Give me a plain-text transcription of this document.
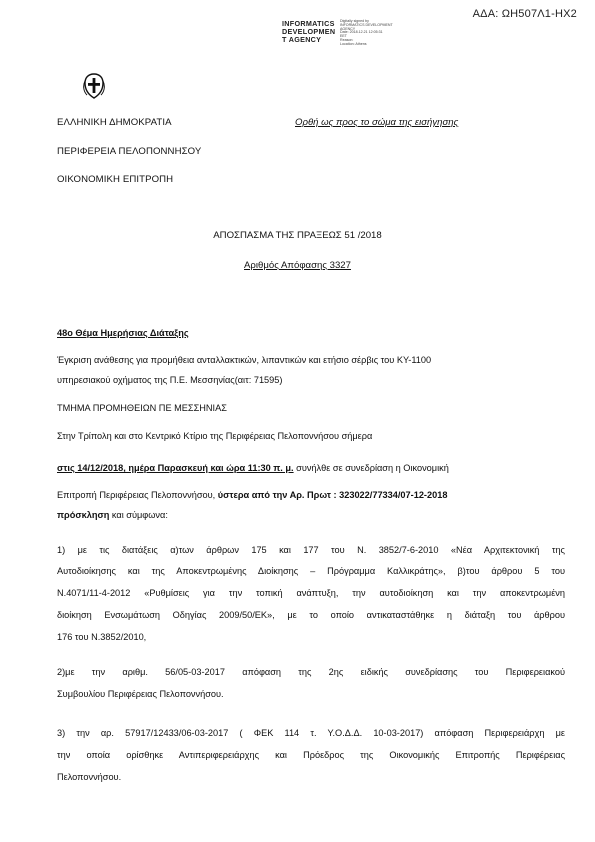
ΑΔΑ: ΩΗ507Λ1-ΗΧ2
INFORMATICS
DEVELOPMEN
T AGENCY
Digitally signed by
INFORMATICS DEVELOPMENT AGENCY
Date: 2018.12.21 12:05:31
EET
Reason:
Location: Athens
ΕΛΛΗΝΙΚΗ ΔΗΜΟΚΡΑΤΙΑ	Ορθή ως προς το σώμα της εισήγησης
ΠΕΡΙΦΕΡΕΙΑ ΠΕΛΟΠΟΝΝΗΣΟΥ
ΟΙΚΟΝΟΜΙΚΗ ΕΠΙΤΡΟΠΗ
ΑΠΟΣΠΑΣΜΑ ΤΗΣ ΠΡΑΞΕΩΣ 51 /2018
Αριθμός Απόφασης 3327
48ο Θέμα Ημερήσιας Διάταξης
Έγκριση ανάθεσης για προμήθεια ανταλλακτικών, λιπαντικών και ετήσιο σέρβις του ΚΥ-1100
υπηρεσιακού οχήματος της Π.Ε. Μεσσηνίας(αιτ: 71595)
ΤΜΗΜΑ ΠΡΟΜΗΘΕΙΩΝ ΠΕ ΜΕΣΣΗΝΙΑΣ
Στην Τρίπολη και στο Κεντρικό Κτίριο της Περιφέρειας Πελοποννήσου σήμερα
στις 14/12/2018, ημέρα Παρασκευή και ώρα 11:30 π. μ. συνήλθε σε συνεδρίαση η Οικονομική
Επιτροπή Περιφέρειας Πελοποννήσου, ύστερα από την Αρ. Πρωτ : 323022/77334/07-12-2018
πρόσκληση και σύμφωνα:
1) με τις διατάξεις α)των άρθρων 175 και 177 του Ν. 3852/7-6-2010 «Νέα Αρχιτεκτονική της
Αυτοδιοίκησης και της Αποκεντρωμένης Διοίκησης – Πρόγραμμα Καλλικράτης», β)του άρθρου 5 του
Ν.4071/11-4-2012 «Ρυθμίσεις για την τοπική ανάπτυξη, την αυτοδιοίκηση και την αποκεντρωμένη
διοίκηση Ενσωμάτωση Οδηγίας 2009/50/ΕΚ», με το οποίο αντικαταστάθηκε η διάταξη του άρθρου
176 του Ν.3852/2010,
2)με την αριθμ. 56/05-03-2017 απόφαση της 2ης ειδικής συνεδρίασης του Περιφερειακού
Συμβουλίου Περιφέρειας Πελοποννήσου.
3) την αρ. 57917/12433/06-03-2017 ( ΦΕΚ 114 τ. Υ.Ο.Δ.Δ. 10-03-2017) απόφαση Περιφερειάρχη με
την οποία ορίσθηκε Αντιπεριφερειάρχης και Πρόεδρος της Οικονομικής Επιτροπής Περιφέρειας
Πελοποννήσου.
